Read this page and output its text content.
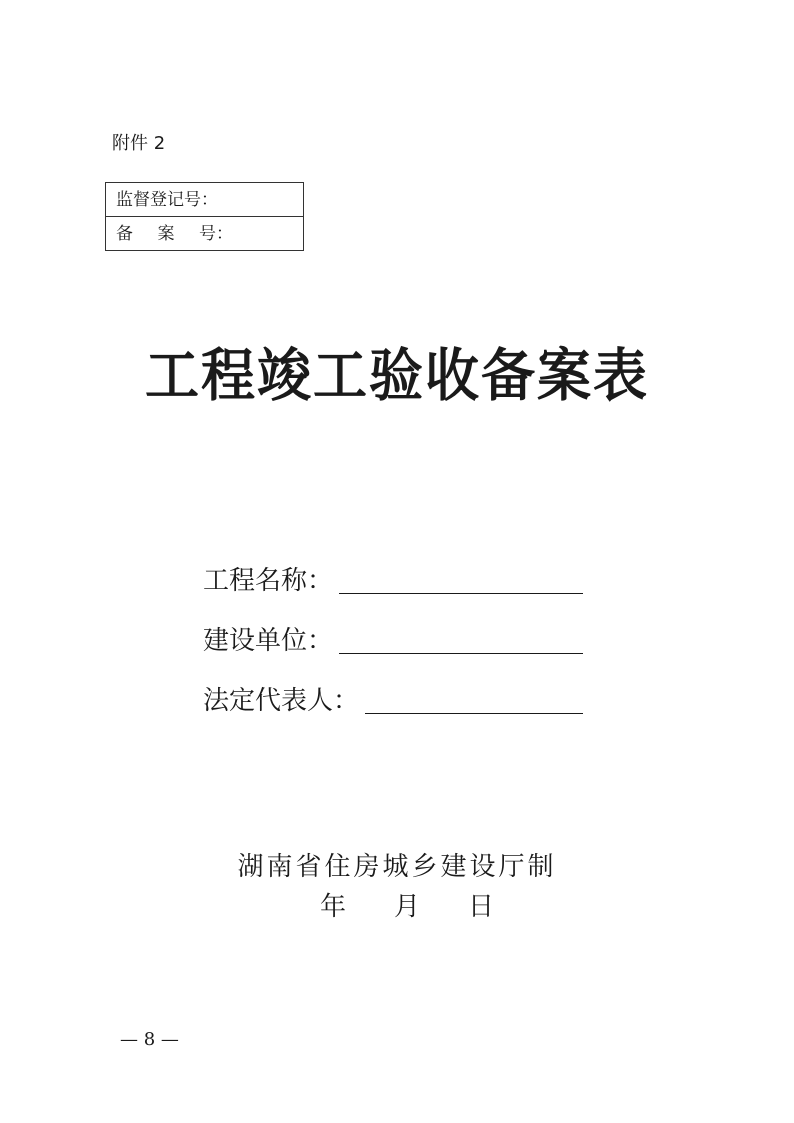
附件 2
监督登记号：
备 案 号：
工程竣工验收备案表
工程名称：
建设单位：
法定代表人：
湖南省住房城乡建设厅制
年 月 日
— 8 —
